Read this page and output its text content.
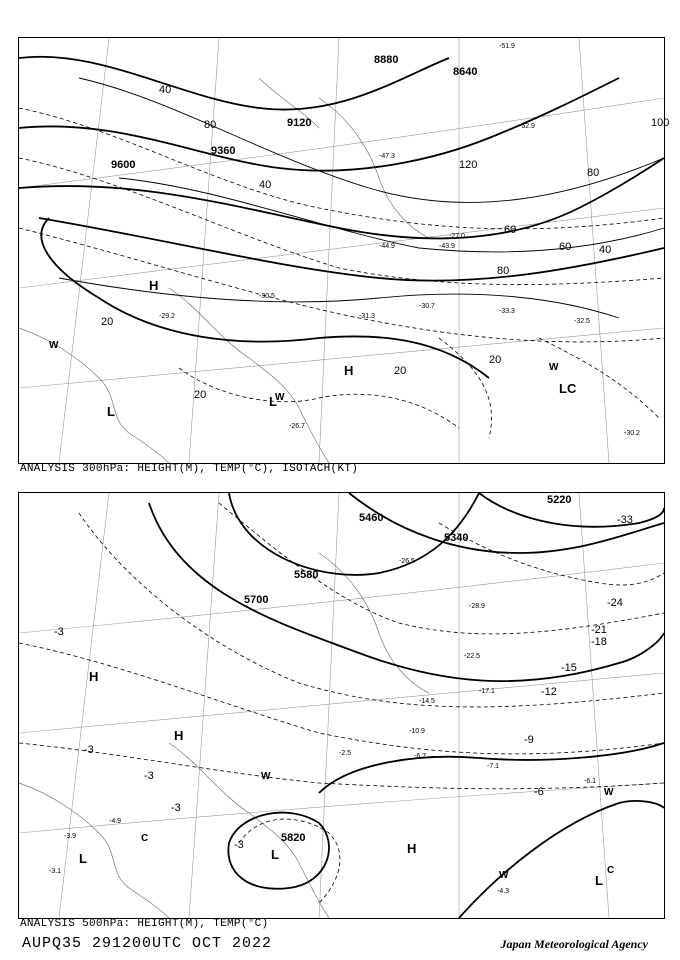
-33.3
-30.7
-32.5
-30.2
-26.7
-29.2
-30.5
-31.3
-27.0
-43.9
-47.3
-51.9
-52.9
-44.9
9120
9600
9360
8880
8640
20
20
20
20
40
40
40
60
60
80
80
80
100
120
H
H
L
L
LC
W
W
W
ANALYSIS 300hPa: HEIGHT(M), TEMP(°C), ISOTACH(KT)
-4.9
-3.9
-3.1
-7.1
-6.1
-4.3
-2.5	-6.7
-10.9
-14.5
-17.1
-22.5
-26.5
-28.9
5220
5340
5460
5580
5700
5820
-3
-3
-3
-3
-3
-6
-9
-12
-15
-18
-21
-24
-33
H
H
H
L	L
L
C
C
W
W
W
ANALYSIS 500hPa: HEIGHT(M), TEMP(°C)
AUPQ35 291200UTC OCT 2022	Japan Meteorological Agency
